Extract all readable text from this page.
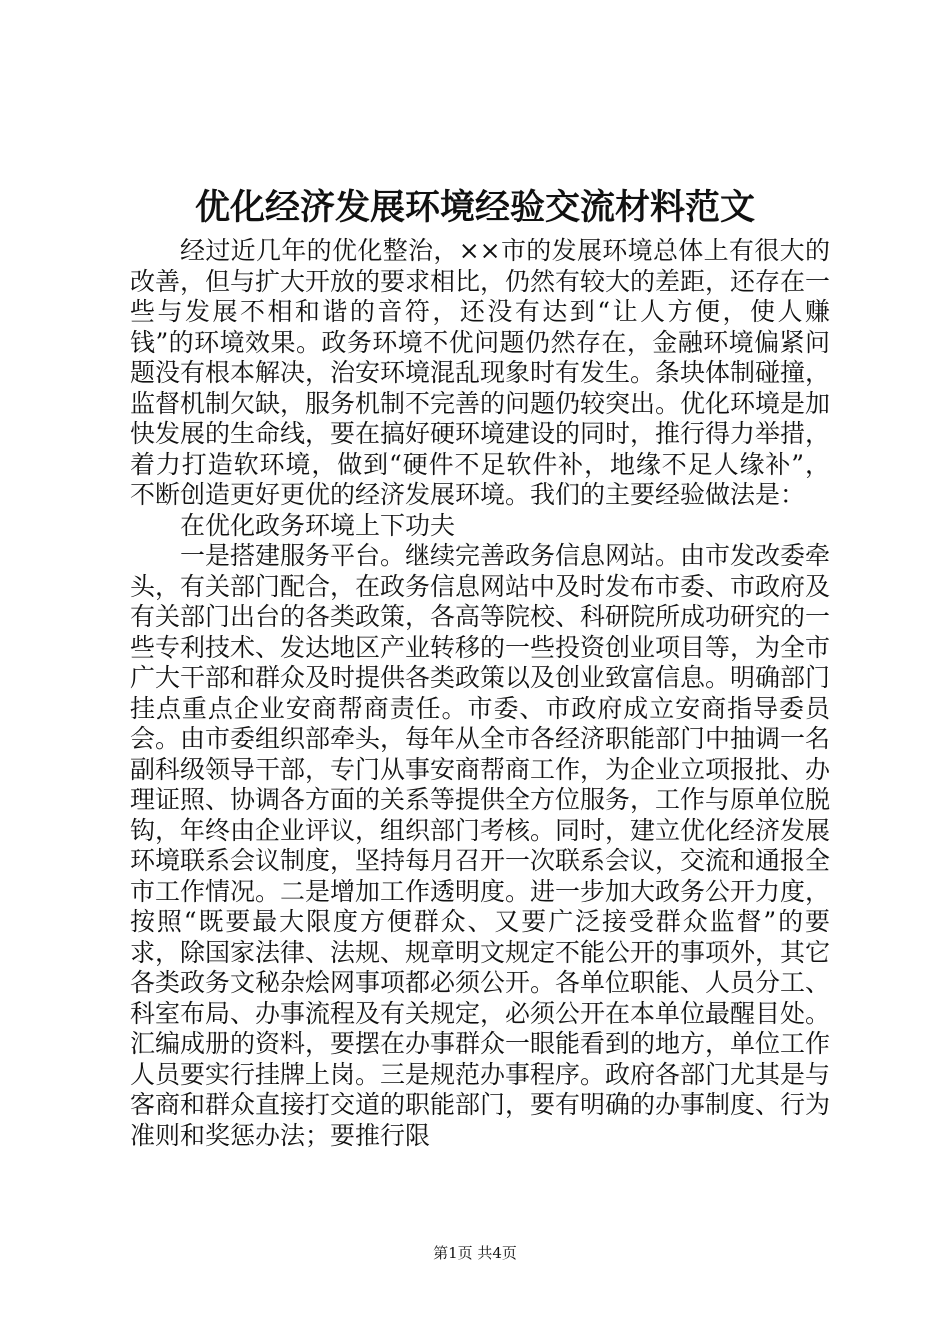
优化经济发展环境经验交流材料范文

经过近几年的优化整治，××市的发展环境总体上有很大的改善，但与扩大开放的要求相比，仍然有较大的差距，还存在一些与发展不相和谐的音符，还没有达到“让人方便，使人赚钱”的环境效果。政务环境不优问题仍然存在，金融环境偏紧问题没有根本解决，治安环境混乱现象时有发生。条块体制碰撞，监督机制欠缺，服务机制不完善的问题仍较突出。优化环境是加快发展的生命线，要在搞好硬环境建设的同时，推行得力举措，着力打造软环境，做到“硬件不足软件补，地缘不足人缘补”，不断创造更好更优的经济发展环境。我们的主要经验做法是：

在优化政务环境上下功夫

一是搭建服务平台。继续完善政务信息网站。由市发改委牵头，有关部门配合，在政务信息网站中及时发布市委、市政府及有关部门出台的各类政策，各高等院校、科研院所成功研究的一些专利技术、发达地区产业转移的一些投资创业项目等，为全市广大干部和群众及时提供各类政策以及创业致富信息。明确部门挂点重点企业安商帮商责任。市委、市政府成立安商指导委员会。由市委组织部牵头，每年从全市各经济职能部门中抽调一名副科级领导干部，专门从事安商帮商工作，为企业立项报批、办理证照、协调各方面的关系等提供全方位服务，工作与原单位脱钩，年终由企业评议，组织部门考核。同时，建立优化经济发展环境联系会议制度，坚持每月召开一次联系会议，交流和通报全市工作情况。二是增加工作透明度。进一步加大政务公开力度，按照“既要最大限度方便群众、又要广泛接受群众监督”的要求，除国家法律、法规、规章明文规定不能公开的事项外，其它各类政务文秘杂烩网事项都必须公开。各单位职能、人员分工、科室布局、办事流程及有关规定，必须公开在本单位最醒目处。汇编成册的资料，要摆在办事群众一眼能看到的地方，单位工作人员要实行挂牌上岗。三是规范办事程序。政府各部门尤其是与客商和群众直接打交道的职能部门，要有明确的办事制度、行为准则和奖惩办法；要推行限

第1页 共4页
